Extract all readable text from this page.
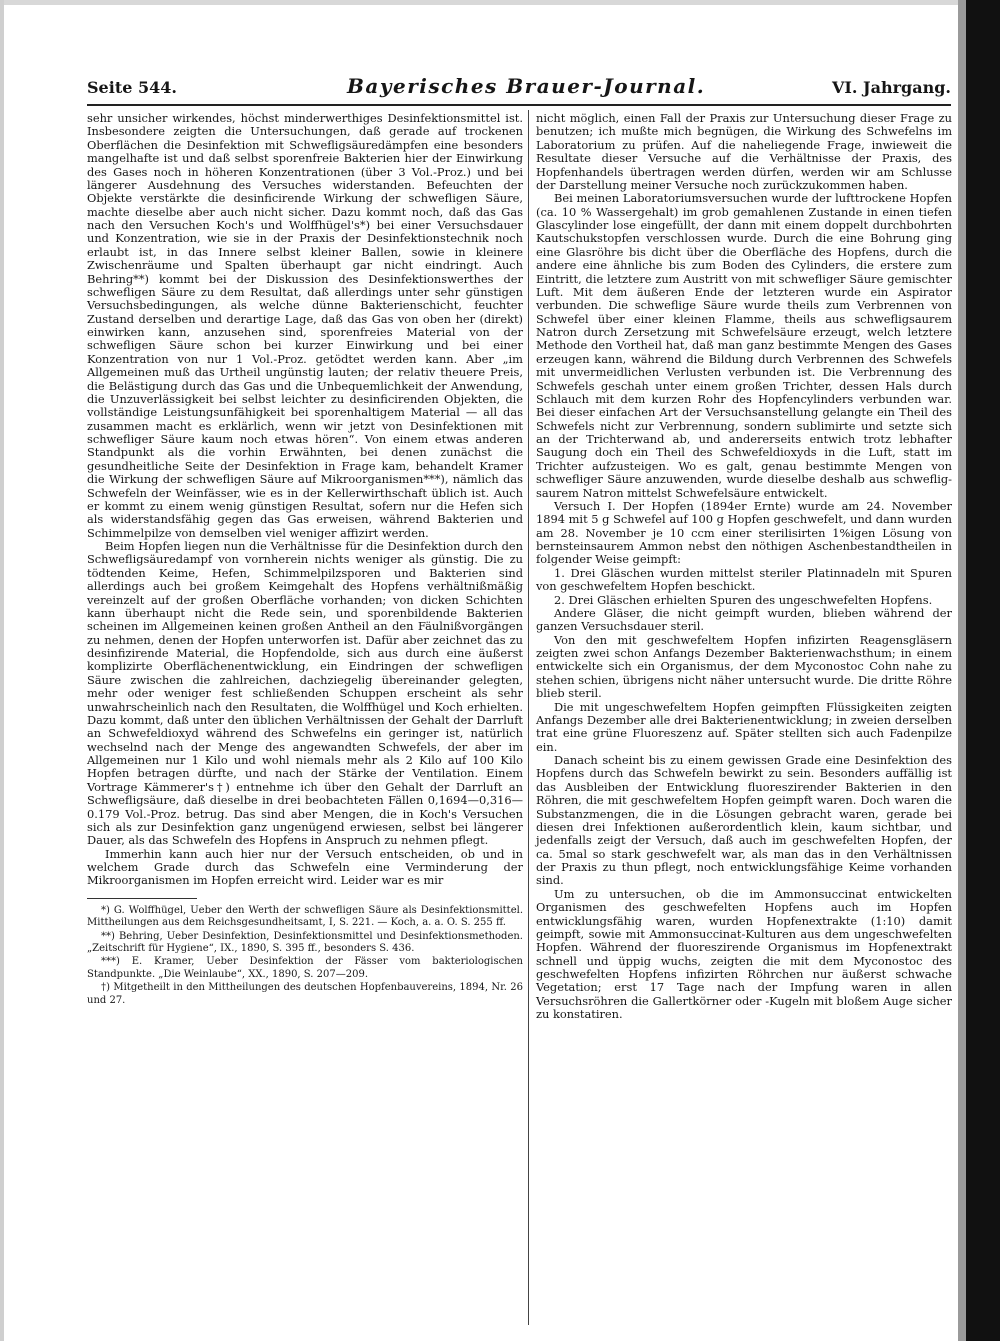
Seite 544.	Bayerisches Brauer-Journal.	VI. Jahrgang.

sehr unsicher wirkendes, höchst minderwerthiges Desinfektionsmittel ist. Insbesondere zeigten die Untersuchungen, daß gerade auf trockenen Oberflächen die Desinfektion mit Schwefligsäuredämpfen eine besonders mangelhafte ist und daß selbst sporenfreie Bakterien hier der Einwirkung des Gases noch in höheren Konzentrationen (über 3 Vol.-Proz.) und bei längerer Ausdehnung des Versuches widerstanden. Befeuchten der Objekte verstärkte die desinficirende Wirkung der schwefligen Säure, machte dieselbe aber auch nicht sicher. Dazu kommt noch, daß das Gas nach den Versuchen Koch's und Wolffhügel's*) bei einer Versuchsdauer und Konzentration, wie sie in der Praxis der Desinfektionstechnik noch erlaubt ist, in das Innere selbst kleiner Ballen, sowie in kleinere Zwischenräume und Spalten überhaupt gar nicht eindringt. Auch Behring**) kommt bei der Diskussion des Desinfektionswerthes der schwefligen Säure zu dem Resultat, daß allerdings unter sehr günstigen Versuchsbedingungen, als welche dünne Bakterienschicht, feuchter Zustand derselben und derartige Lage, daß das Gas von oben her (direkt) einwirken kann, anzusehen sind, sporenfreies Material von der schwefligen Säure schon bei kurzer Einwirkung und bei einer Konzentration von nur 1 Vol.-Proz. getödtet werden kann. Aber „im Allgemeinen muß das Urtheil ungünstig lauten; der relativ theuere Preis, die Belästigung durch das Gas und die Unbequemlichkeit der Anwendung, die Unzuverlässigkeit bei selbst leichter zu desinficirenden Objekten, die vollständige Leistungsunfähigkeit bei sporenhaltigem Material — all das zusammen macht es erklärlich, wenn wir jetzt von Desinfektionen mit schwefliger Säure kaum noch etwas hören“. Von einem etwas anderen Standpunkt als die vorhin Erwähnten, bei denen zunächst die gesundheitliche Seite der Desinfektion in Frage kam, behandelt Kramer die Wirkung der schwefligen Säure auf Mikroorganismen***), nämlich das Schwefeln der Weinfässer, wie es in der Kellerwirthschaft üblich ist. Auch er kommt zu einem wenig günstigen Resultat, sofern nur die Hefen sich als widerstandsfähig gegen das Gas erweisen, während Bakterien und Schimmelpilze von demselben viel weniger affizirt werden.

Beim Hopfen liegen nun die Verhältnisse für die Desinfektion durch den Schwefligsäuredampf von vornherein nichts weniger als günstig. Die zu tödtenden Keime, Hefen, Schimmelpilzsporen und Bakterien sind allerdings auch bei großem Keimgehalt des Hopfens verhältnißmäßig vereinzelt auf der großen Oberfläche vorhanden; von dicken Schichten kann überhaupt nicht die Rede sein, und sporenbildende Bakterien scheinen im Allgemeinen keinen großen Antheil an den Fäulnißvorgängen zu nehmen, denen der Hopfen unterworfen ist. Dafür aber zeichnet das zu desinfizirende Material, die Hopfendolde, sich aus durch eine äußerst komplizirte Oberflächenentwicklung, ein Eindringen der schwefligen Säure zwischen die zahlreichen, dachziegelig übereinander gelegten, mehr oder weniger fest schließenden Schuppen erscheint als sehr unwahrscheinlich nach den Resultaten, die Wolffhügel und Koch erhielten. Dazu kommt, daß unter den üblichen Verhältnissen der Gehalt der Darrluft an Schwefeldioxyd während des Schwefelns ein geringer ist, natürlich wechselnd nach der Menge des angewandten Schwefels, der aber im Allgemeinen nur 1 Kilo und wohl niemals mehr als 2 Kilo auf 100 Kilo Hopfen betragen dürfte, und nach der Stärke der Ventilation. Einem Vortrage Kämmerer's†) entnehme ich über den Gehalt der Darrluft an Schwefligsäure, daß dieselbe in drei beobachteten Fällen 0,1694—0,316—0.179 Vol.-Proz. betrug. Das sind aber Mengen, die in Koch's Versuchen sich als zur Desinfektion ganz ungenügend erwiesen, selbst bei längerer Dauer, als das Schwefeln des Hopfens in Anspruch zu nehmen pflegt.

Immerhin kann auch hier nur der Versuch entscheiden, ob und in welchem Grade durch das Schwefeln eine Verminderung der Mikroorganismen im Hopfen erreicht wird. Leider war es mir

*) G. Wolffhügel, Ueber den Werth der schwefligen Säure als Desinfektionsmittel. Mittheilungen aus dem Reichsgesundheitsamt, I, S. 221. — Koch, a. a. O. S. 255 ff.

**) Behring, Ueber Desinfektion, Desinfektionsmittel und Desinfektionsmethoden. „Zeitschrift für Hygiene“, IX., 1890, S. 395 ff., besonders S. 436.

***) E. Kramer, Ueber Desinfektion der Fässer vom bakteriologischen Standpunkte. „Die Weinlaube“, XX., 1890, S. 207—209.

†) Mitgetheilt in den Mittheilungen des deutschen Hopfenbauvereins, 1894, Nr. 26 und 27.

nicht möglich, einen Fall der Praxis zur Untersuchung dieser Frage zu benutzen; ich mußte mich begnügen, die Wirkung des Schwefelns im Laboratorium zu prüfen. Auf die naheliegende Frage, inwieweit die Resultate dieser Versuche auf die Verhältnisse der Praxis, des Hopfenhandels übertragen werden dürfen, werden wir am Schlusse der Darstellung meiner Versuche noch zurückzukommen haben.

Bei meinen Laboratoriumsversuchen wurde der lufttrockene Hopfen (ca. 10 % Wassergehalt) im grob gemahlenen Zustande in einen tiefen Glascylinder lose eingefüllt, der dann mit einem doppelt durchbohrten Kautschukstopfen verschlossen wurde. Durch die eine Bohrung ging eine Glasröhre bis dicht über die Oberfläche des Hopfens, durch die andere eine ähnliche bis zum Boden des Cylinders, die erstere zum Eintritt, die letztere zum Austritt von mit schwefliger Säure gemischter Luft. Mit dem äußeren Ende der letzteren wurde ein Aspirator verbunden. Die schweflige Säure wurde theils zum Verbrennen von Schwefel über einer kleinen Flamme, theils aus schwefligsaurem Natron durch Zersetzung mit Schwefelsäure erzeugt, welch letztere Methode den Vortheil hat, daß man ganz bestimmte Mengen des Gases erzeugen kann, während die Bildung durch Verbrennen des Schwefels mit unvermeidlichen Verlusten verbunden ist. Die Verbrennung des Schwefels geschah unter einem großen Trichter, dessen Hals durch Schlauch mit dem kurzen Rohr des Hopfencylinders verbunden war. Bei dieser einfachen Art der Versuchsanstellung gelangte ein Theil des Schwefels nicht zur Verbrennung, sondern sublimirte und setzte sich an der Trichterwand ab, und andererseits entwich trotz lebhafter Saugung doch ein Theil des Schwefeldioxyds in die Luft, statt im Trichter aufzusteigen. Wo es galt, genau bestimmte Mengen von schwefliger Säure anzuwenden, wurde dieselbe deshalb aus schweflig-saurem Natron mittelst Schwefelsäure entwickelt.

Versuch I. Der Hopfen (1894er Ernte) wurde am 24. November 1894 mit 5 g Schwefel auf 100 g Hopfen geschwefelt, und dann wurden am 28. November je 10 ccm einer sterilisirten 1%igen Lösung von bernsteinsaurem Ammon nebst den nöthigen Aschenbestandtheilen in folgender Weise geimpft:

1. Drei Gläschen wurden mittelst steriler Platinnadeln mit Spuren von geschwefeltem Hopfen beschickt.

2. Drei Gläschen erhielten Spuren des ungeschwefelten Hopfens.

Andere Gläser, die nicht geimpft wurden, blieben während der ganzen Versuchsdauer steril.

Von den mit geschwefeltem Hopfen infizirten Reagensgläsern zeigten zwei schon Anfangs Dezember Bakterienwachsthum; in einem entwickelte sich ein Organismus, der dem Myconostoc Cohn nahe zu stehen schien, übrigens nicht näher untersucht wurde. Die dritte Röhre blieb steril.

Die mit ungeschwefeltem Hopfen geimpften Flüssigkeiten zeigten Anfangs Dezember alle drei Bakterienentwicklung; in zweien derselben trat eine grüne Fluoreszenz auf. Später stellten sich auch Fadenpilze ein.

Danach scheint bis zu einem gewissen Grade eine Desinfektion des Hopfens durch das Schwefeln bewirkt zu sein. Besonders auffällig ist das Ausbleiben der Entwicklung fluoreszirender Bakterien in den Röhren, die mit geschwefeltem Hopfen geimpft waren. Doch waren die Substanzmengen, die in die Lösungen gebracht waren, gerade bei diesen drei Infektionen außerordentlich klein, kaum sichtbar, und jedenfalls zeigt der Versuch, daß auch im geschwefelten Hopfen, der ca. 5mal so stark geschwefelt war, als man das in den Verhältnissen der Praxis zu thun pflegt, noch entwicklungsfähige Keime vorhanden sind.

Um zu untersuchen, ob die im Ammonsuccinat entwickelten Organismen des geschwefelten Hopfens auch im Hopfen entwicklungsfähig waren, wurden Hopfenextrakte (1:10) damit geimpft, sowie mit Ammonsuccinat-Kulturen aus dem ungeschwefelten Hopfen. Während der fluoreszirende Organismus im Hopfenextrakt schnell und üppig wuchs, zeigten die mit dem Myconostoc des geschwefelten Hopfens infizirten Röhrchen nur äußerst schwache Vegetation; erst 17 Tage nach der Impfung waren in allen Versuchsröhren die Gallertkörner oder -Kugeln mit bloßem Auge sicher zu konstatiren.
